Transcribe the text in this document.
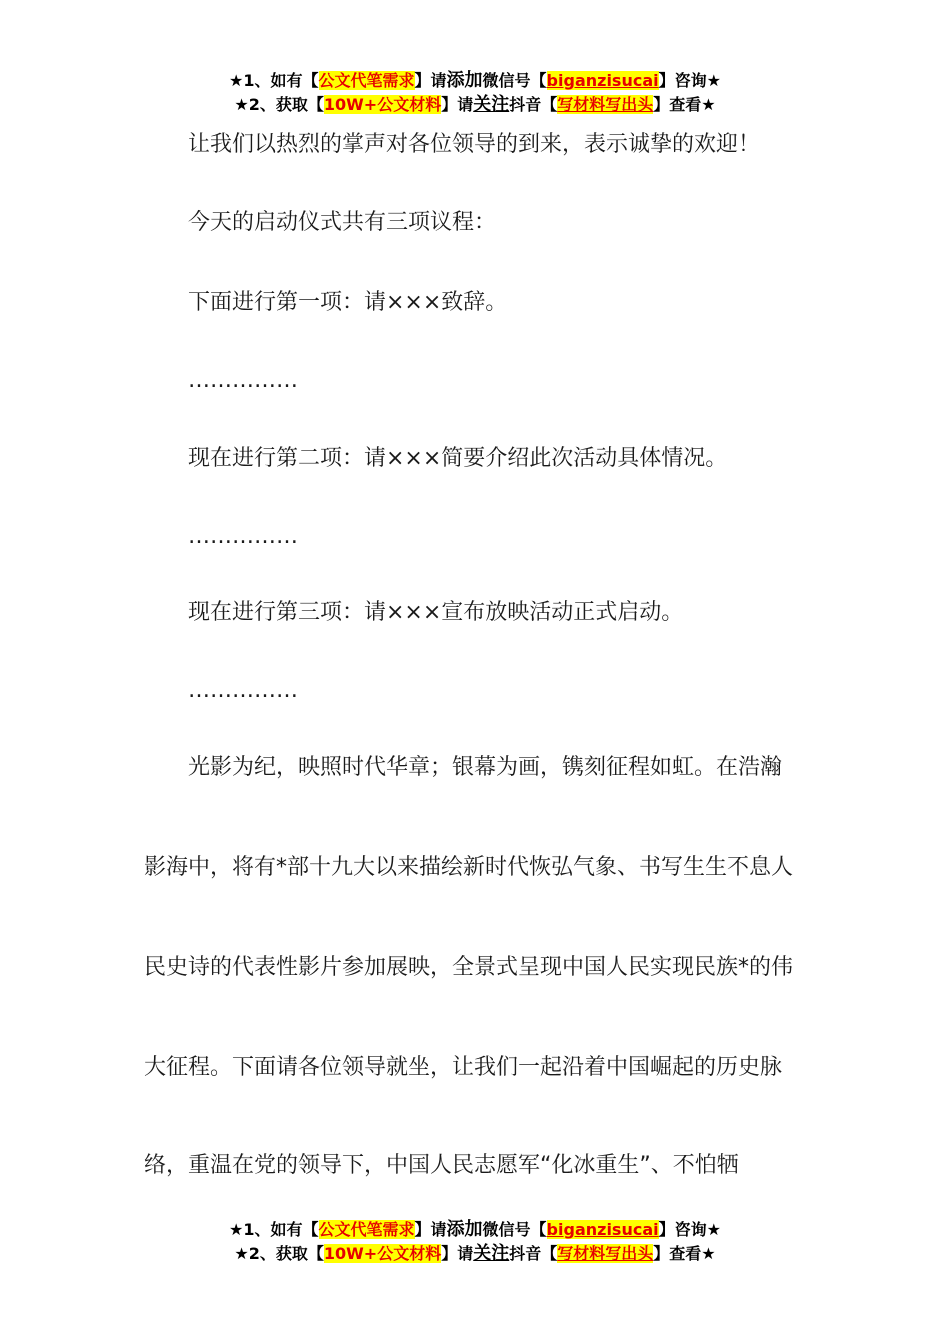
★1、如有【公文代笔需求】请添加微信号【biganzisucai】咨询★
★2、获取【10W+公文材料】请关注抖音【写材料写出头】查看★
让我们以热烈的掌声对各位领导的到来，表示诚挚的欢迎！
今天的启动仪式共有三项议程：
下面进行第一项：请×××致辞。
……………
现在进行第二项：请×××简要介绍此次活动具体情况。
……………
现在进行第三项：请×××宣布放映活动正式启动。
……………
光影为纪，映照时代华章；银幕为画，镌刻征程如虹。在浩瀚
影海中，将有*部十九大以来描绘新时代恢弘气象、书写生生不息人
民史诗的代表性影片参加展映，全景式呈现中国人民实现民族*的伟
大征程。下面请各位领导就坐，让我们一起沿着中国崛起的历史脉
络，重温在党的领导下，中国人民志愿军“化冰重生”、不怕牺
★1、如有【公文代笔需求】请添加微信号【biganzisucai】咨询★
★2、获取【10W+公文材料】请关注抖音【写材料写出头】查看★
